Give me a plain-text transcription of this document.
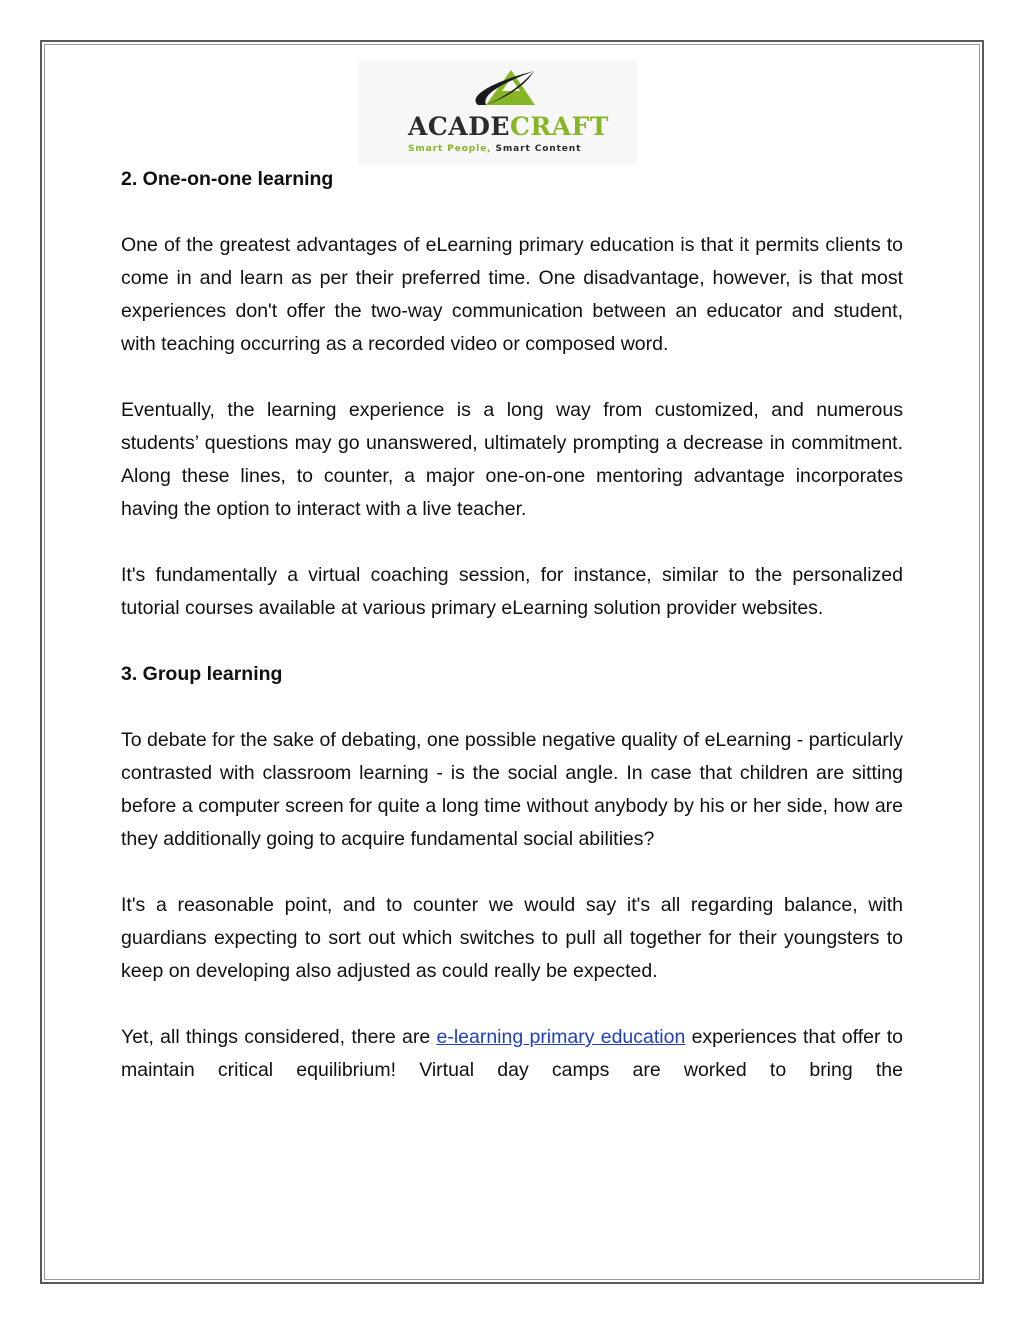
ACADECRAFT
Smart People, Smart Content
2. One-on-one learning

One of the greatest advantages of eLearning primary education is that it permits clients to come in and learn as per their preferred time. One disadvantage, however, is that most experiences don't offer the two-way communication between an educator and student, with teaching occurring as a recorded video or composed word.

Eventually, the learning experience is a long way from customized, and numerous students’ questions may go unanswered, ultimately prompting a decrease in commitment. Along these lines, to counter, a major one-on-one mentoring advantage incorporates having the option to interact with a live teacher.

It's fundamentally a virtual coaching session, for instance, similar to the personalized tutorial courses available at various primary eLearning solution provider websites.

3. Group learning

To debate for the sake of debating, one possible negative quality of eLearning - particularly contrasted with classroom learning - is the social angle. In case that children are sitting before a computer screen for quite a long time without anybody by his or her side, how are they additionally going to acquire fundamental social abilities?

It's a reasonable point, and to counter we would say it's all regarding balance, with guardians expecting to sort out which switches to pull all together for their youngsters to keep on developing also adjusted as could really be expected.

Yet, all things considered, there are e-learning primary education experiences that offer to maintain critical equilibrium! Virtual day camps are worked to bring the
